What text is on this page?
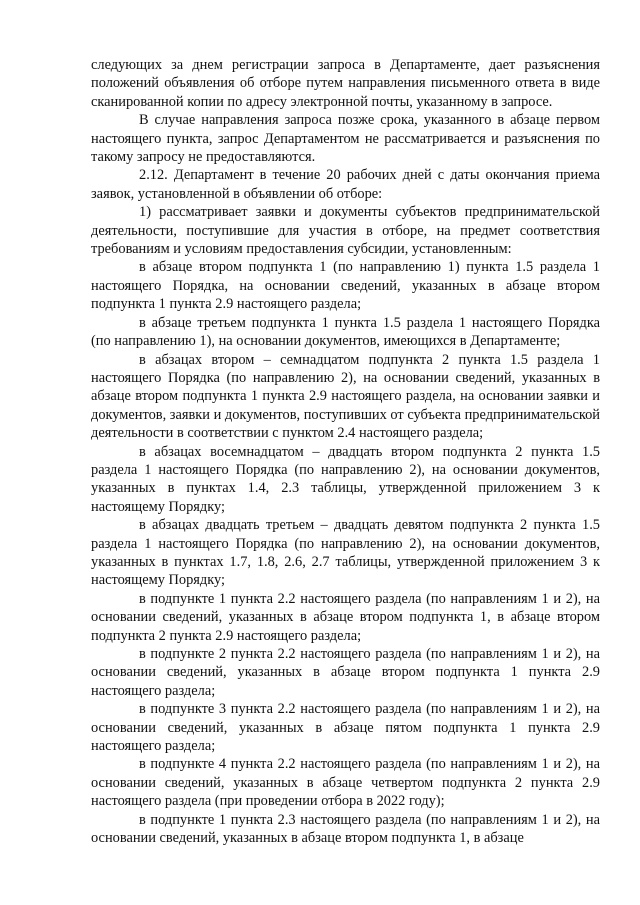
следующих за днем регистрации запроса в Департаменте, дает разъяснения положений объявления об отборе путем направления письменного ответа в виде сканированной копии по адресу электронной почты, указанному в запросе.

В случае направления запроса позже срока, указанного в абзаце первом настоящего пункта, запрос Департаментом не рассматривается и разъяснения по такому запросу не предоставляются.

2.12. Департамент в течение 20 рабочих дней с даты окончания приема заявок, установленной в объявлении об отборе:

1) рассматривает заявки и документы субъектов предпринимательской деятельности, поступившие для участия в отборе, на предмет соответствия требованиям и условиям предоставления субсидии, установленным:

в абзаце втором подпункта 1 (по направлению 1) пункта 1.5 раздела 1 настоящего Порядка, на основании сведений, указанных в абзаце втором подпункта 1 пункта 2.9 настоящего раздела;

в абзаце третьем подпункта 1 пункта 1.5 раздела 1 настоящего Порядка (по направлению 1), на основании документов, имеющихся в Департаменте;

в абзацах втором – семнадцатом подпункта 2 пункта 1.5 раздела 1 настоящего Порядка (по направлению 2), на основании сведений, указанных в абзаце втором подпункта 1 пункта 2.9 настоящего раздела, на основании заявки и документов, заявки и документов, поступивших от субъекта предпринимательской деятельности в соответствии с пунктом 2.4 настоящего раздела;

в абзацах восемнадцатом – двадцать втором подпункта 2 пункта 1.5 раздела 1 настоящего Порядка (по направлению 2), на основании документов, указанных в пунктах 1.4, 2.3 таблицы, утвержденной приложением 3 к настоящему Порядку;

в абзацах двадцать третьем – двадцать девятом подпункта 2 пункта 1.5 раздела 1 настоящего Порядка (по направлению 2), на основании документов, указанных в пунктах 1.7, 1.8, 2.6, 2.7 таблицы, утвержденной приложением 3 к настоящему Порядку;

в подпункте 1 пункта 2.2 настоящего раздела (по направлениям 1 и 2), на основании сведений, указанных в абзаце втором подпункта 1, в абзаце втором подпункта 2 пункта 2.9 настоящего раздела;

в подпункте 2 пункта 2.2 настоящего раздела (по направлениям 1 и 2), на основании сведений, указанных в абзаце втором подпункта 1 пункта 2.9 настоящего раздела;

в подпункте 3 пункта 2.2 настоящего раздела (по направлениям 1 и 2), на основании сведений, указанных в абзаце пятом подпункта 1 пункта 2.9 настоящего раздела;

в подпункте 4 пункта 2.2 настоящего раздела (по направлениям 1 и 2), на основании сведений, указанных в абзаце четвертом подпункта 2 пункта 2.9 настоящего раздела (при проведении отбора в 2022 году);

в подпункте 1 пункта 2.3 настоящего раздела (по направлениям 1 и 2), на основании сведений, указанных в абзаце втором подпункта 1, в абзаце
